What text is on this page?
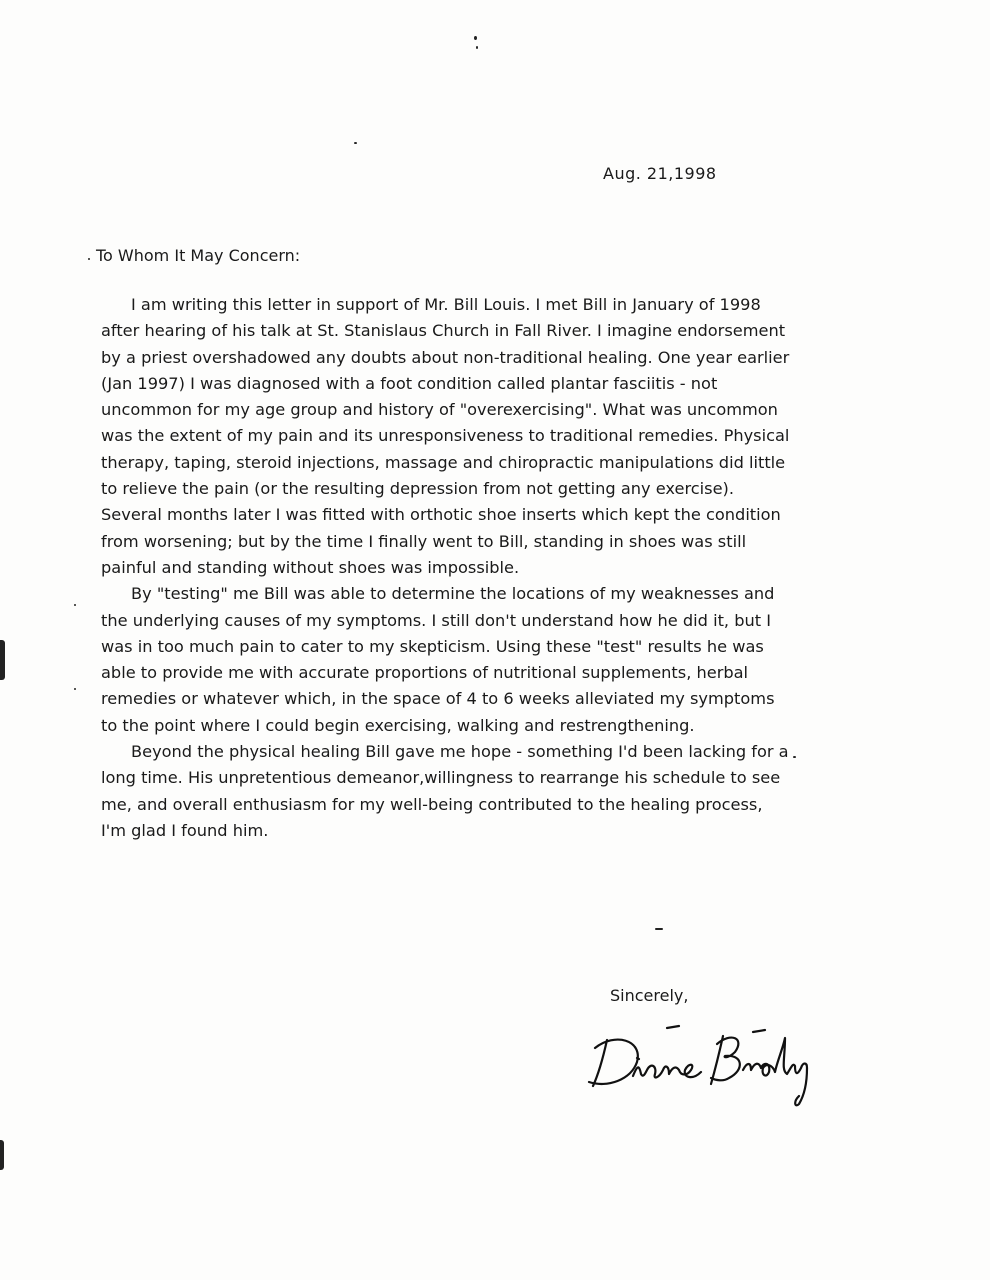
Aug. 21,1998
To Whom It May Concern:

I am writing this letter in support of Mr. Bill Louis. I met Bill in January of 1998 after hearing of his talk at St. Stanislaus Church in Fall River. I imagine endorsement by a priest overshadowed any doubts about non-traditional healing. One year earlier (Jan 1997) I was diagnosed with a foot condition called plantar fasciitis - not uncommon for my age group and history of "overexercising". What was uncommon was the extent of my pain and its unresponsiveness to traditional remedies. Physical therapy, taping, steroid injections, massage and chiropractic manipulations did little to relieve the pain (or the resulting depression from not getting any exercise). Several months later I was fitted with orthotic shoe inserts which kept the condition from worsening; but by the time I finally went to Bill, standing in shoes was still painful and standing without shoes was impossible.

By "testing" me Bill was able to determine the locations of my weaknesses and the underlying causes of my symptoms. I still don't understand how he did it, but I was in too much pain to cater to my skepticism. Using these "test" results he was able to provide me with accurate proportions of nutritional supplements, herbal remedies or whatever which, in the space of 4 to 6 weeks alleviated my symptoms to the point where I could begin exercising, walking and restrengthening.

Beyond the physical healing Bill gave me hope - something I'd been lacking for a long time. His unpretentious demeanor,willingness to rearrange his schedule to see me, and overall enthusiasm for my well-being contributed to the healing process, I'm glad I found him.

Sincerely,
